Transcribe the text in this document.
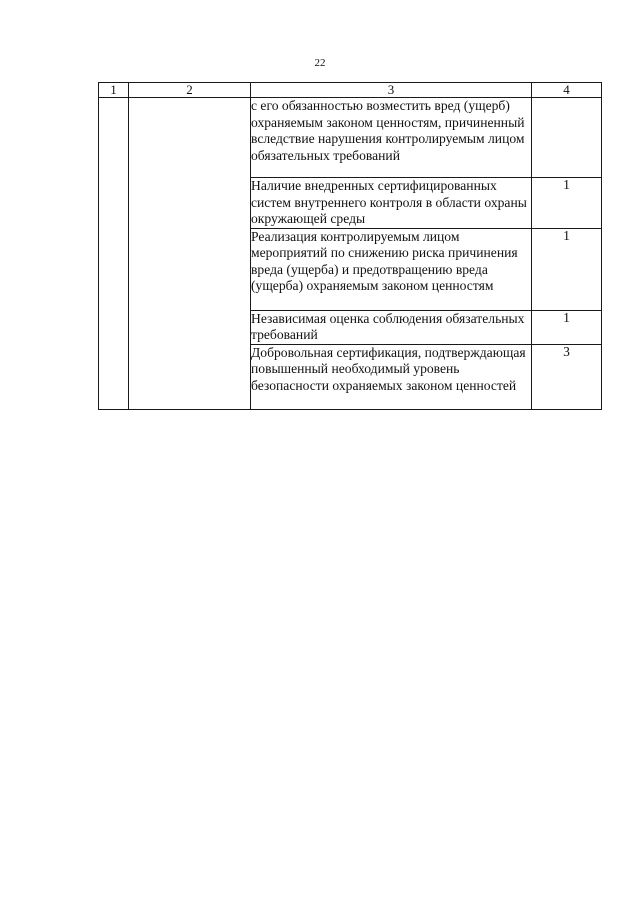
22
1	2	3	4
		с его обязанностью возместить вред (ущерб) охраняемым законом ценностям, причиненный вследствие нарушения контролируемым лицом обязательных требований	
		Наличие внедренных сертифицированных систем внутреннего контроля в области охраны окружающей среды	1
		Реализация контролируемым лицом мероприятий по снижению риска причинения вреда (ущерба) и предотвращению вреда (ущерба) охраняемым законом ценностям	1
		Независимая оценка соблюдения обязательных требований	1
		Добровольная сертификация, подтверждающая повышенный необходимый уровень безопасности охраняемых законом ценностей	3
